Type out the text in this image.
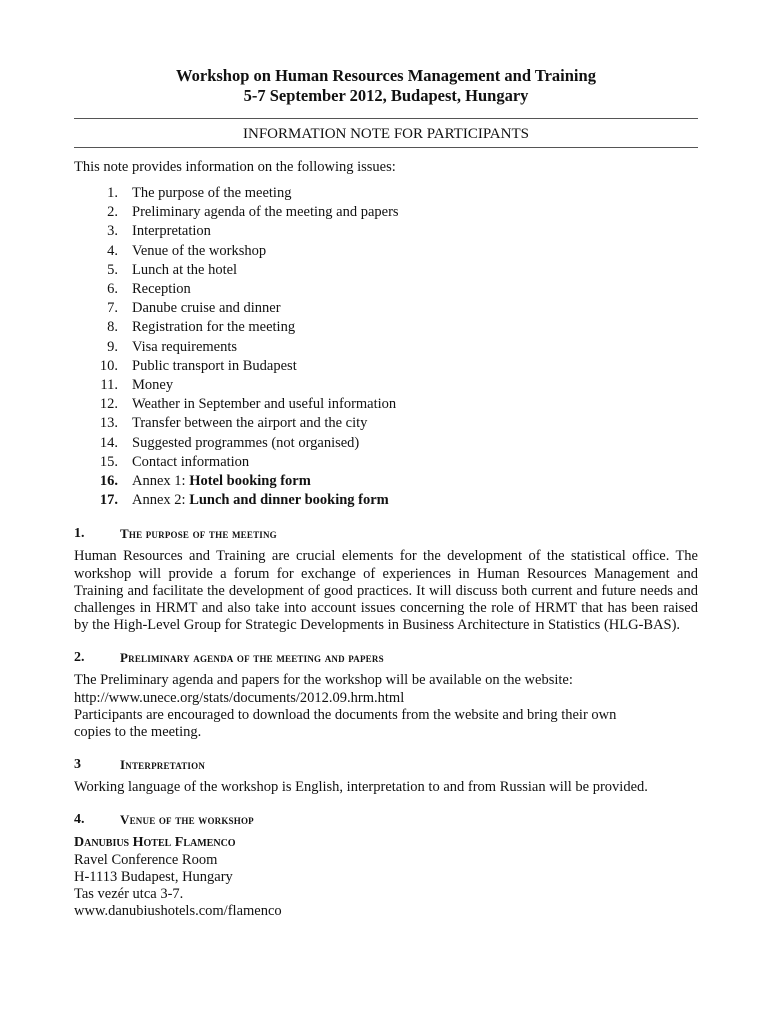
Workshop on Human Resources Management and Training

5-7 September 2012, Budapest, Hungary

INFORMATION NOTE FOR PARTICIPANTS

This note provides information on the following issues:

1. The purpose of the meeting
2. Preliminary agenda of the meeting and papers
3. Interpretation
4. Venue of the workshop
5. Lunch at the hotel
6. Reception
7. Danube cruise and dinner
8. Registration for the meeting
9. Visa requirements
10. Public transport in Budapest
11. Money
12. Weather in September and useful information
13. Transfer between the airport and the city
14. Suggested programmes (not organised)
15. Contact information
16. Annex 1: Hotel booking form
17. Annex 2: Lunch and dinner booking form
1.	The purpose of the meeting

Human Resources and Training are crucial elements for the development of the statistical office. The workshop will provide a forum for exchange of experiences in Human Resources Management and Training and facilitate the development of good practices. It will discuss both current and future needs and challenges in HRMT and also take into account issues concerning the role of HRMT that has been raised by the High-Level Group for Strategic Developments in Business Architecture in Statistics (HLG-BAS).

2.	Preliminary agenda of the meeting and papers

The Preliminary agenda and papers for the workshop will be available on the website:

http://www.unece.org/stats/documents/2012.09.hrm.html

Participants are encouraged to download the documents from the website and bring their own

copies to the meeting.

3	Interpretation

Working language of the workshop is English, interpretation to and from Russian will be provided.

4.	Venue of the workshop

Danubius Hotel Flamenco

Ravel Conference Room

H-1113 Budapest, Hungary

Tas vezér utca 3-7.

www.danubiushotels.com/flamenco
